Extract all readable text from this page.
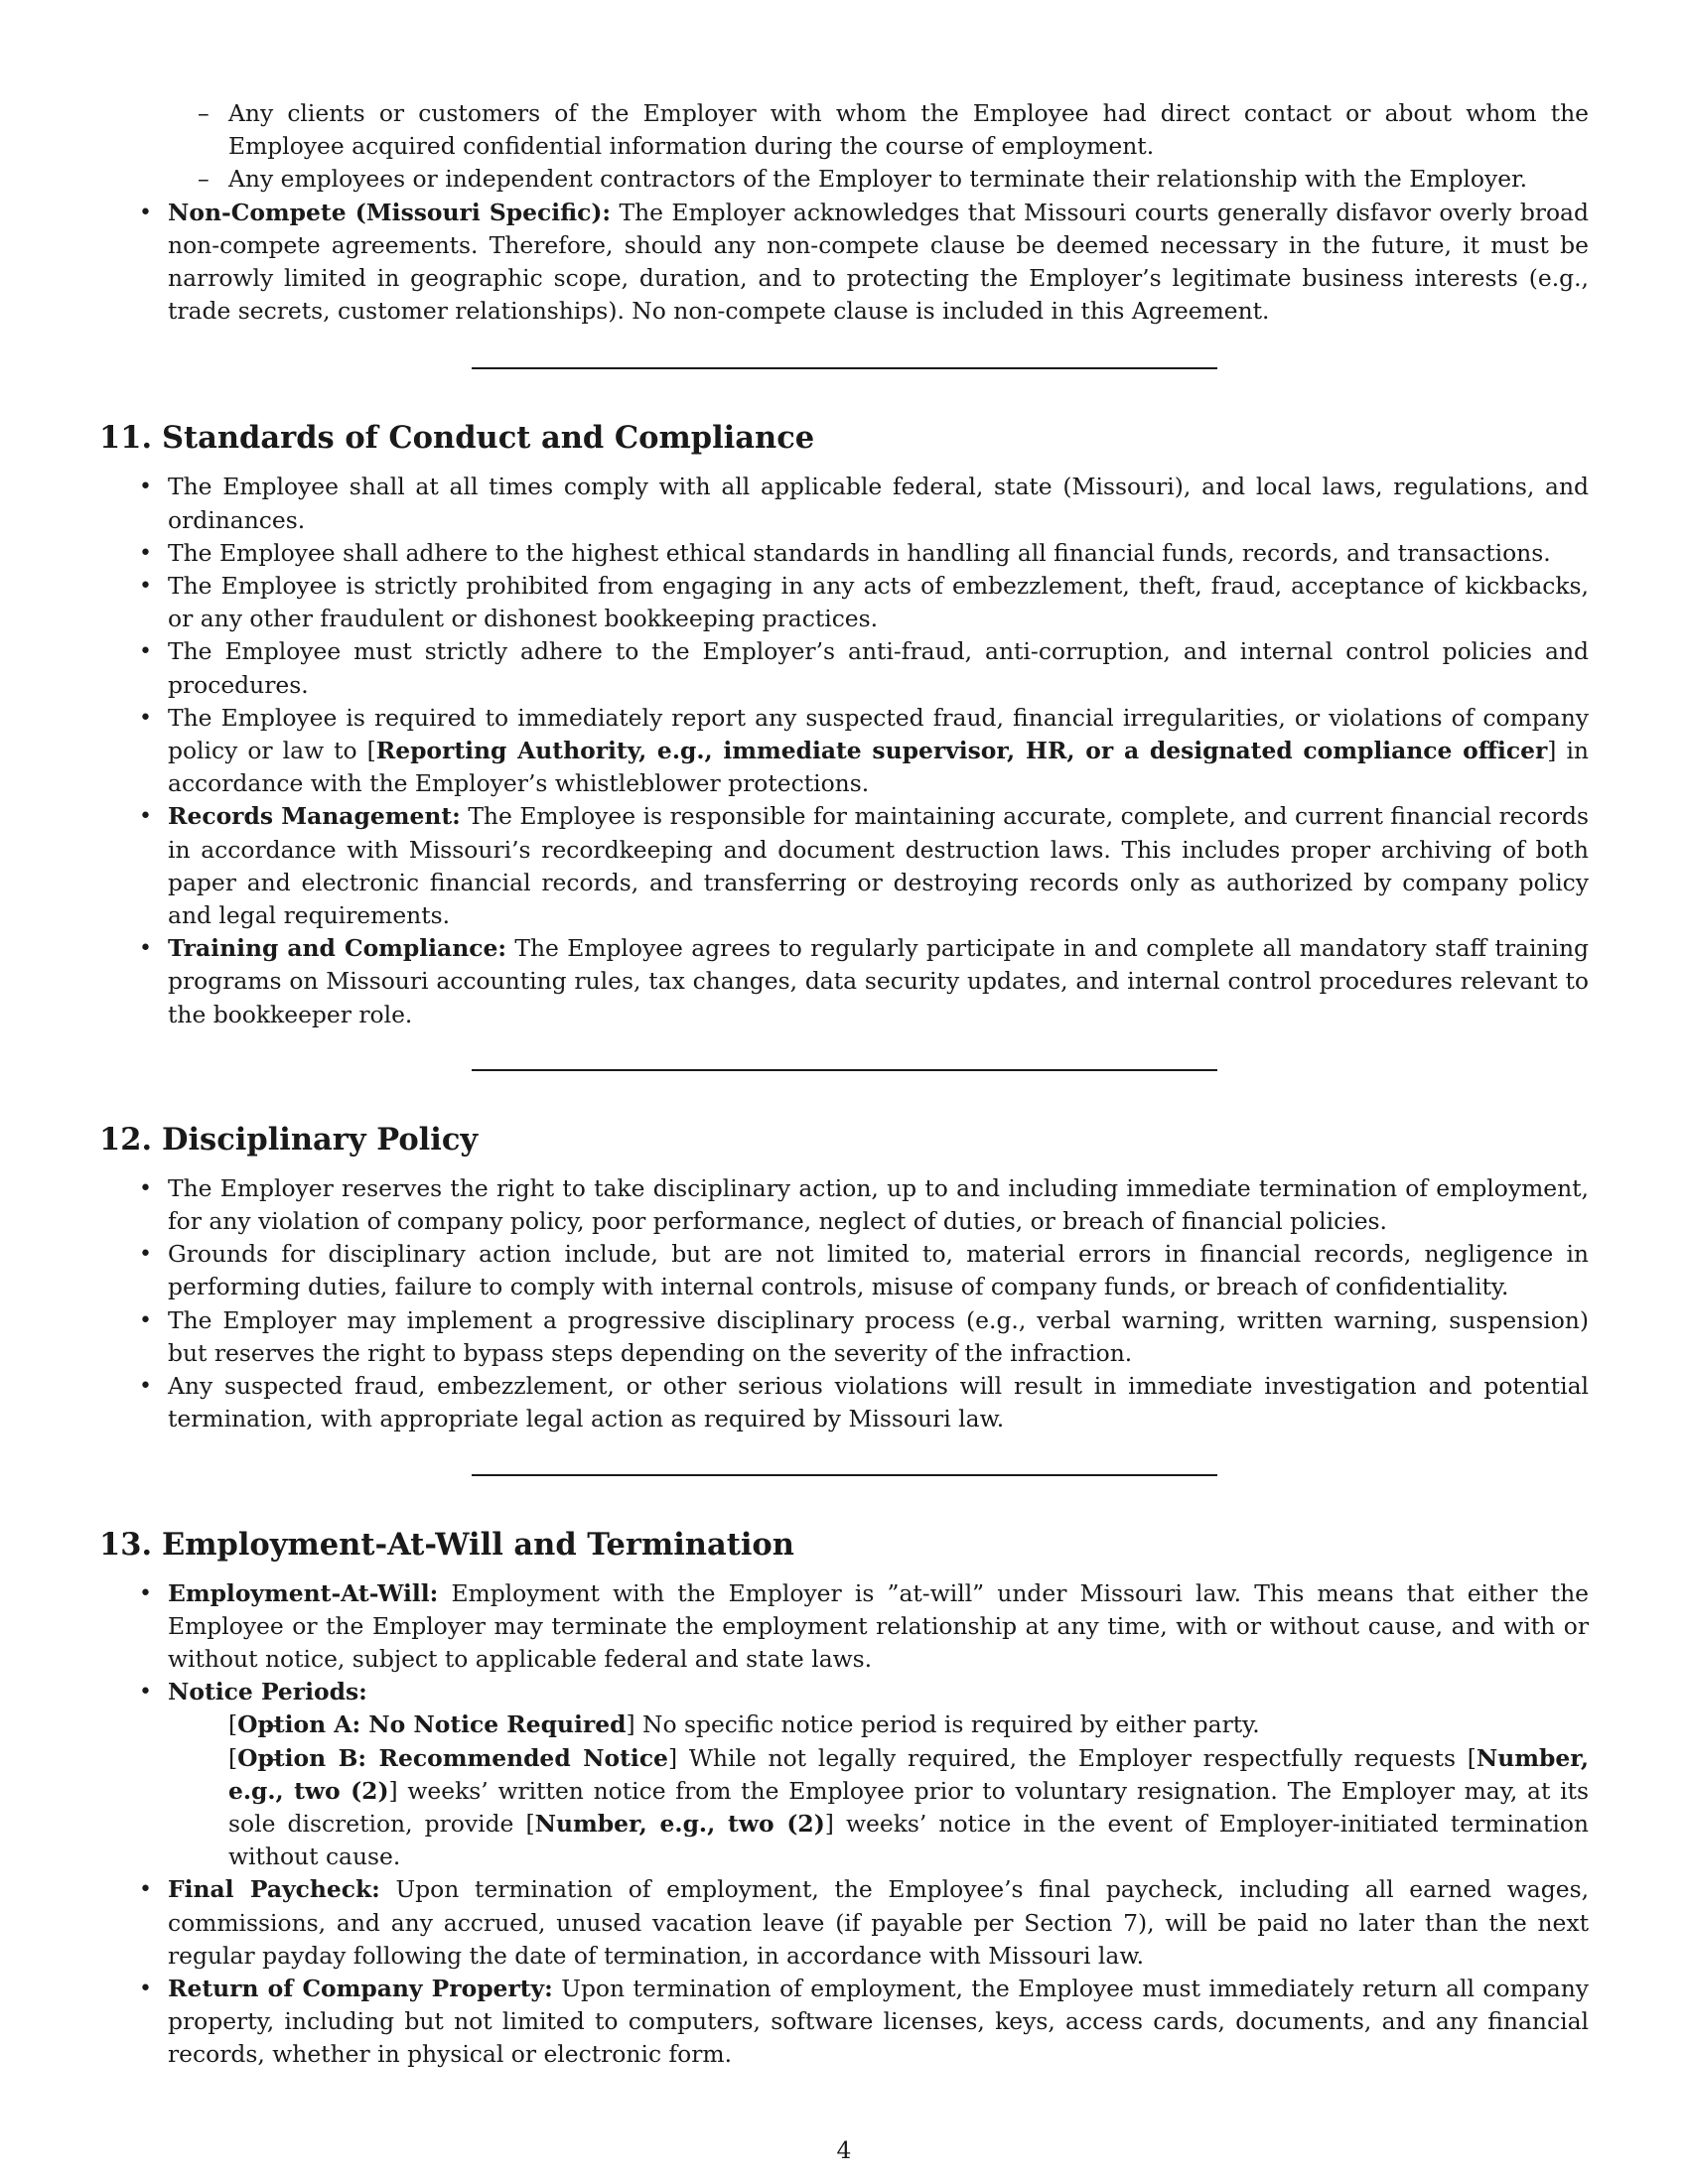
– Any clients or customers of the Employer with whom the Employee had direct contact or about whom the Employee acquired confidential information during the course of employment.
– Any employees or independent contractors of the Employer to terminate their relationship with the Employer.
• Non-Compete (Missouri Specific): The Employer acknowledges that Missouri courts generally disfavor overly broad non-compete agreements. Therefore, should any non-compete clause be deemed necessary in the future, it must be narrowly limited in geographic scope, duration, and to protecting the Employer’s legitimate business interests (e.g., trade secrets, customer relationships). No non-compete clause is included in this Agreement.
11. Standards of Conduct and Compliance
• The Employee shall at all times comply with all applicable federal, state (Missouri), and local laws, regulations, and ordinances.
• The Employee shall adhere to the highest ethical standards in handling all financial funds, records, and transactions.
• The Employee is strictly prohibited from engaging in any acts of embezzlement, theft, fraud, acceptance of kickbacks, or any other fraudulent or dishonest bookkeeping practices.
• The Employee must strictly adhere to the Employer’s anti-fraud, anti-corruption, and internal control policies and procedures.
• The Employee is required to immediately report any suspected fraud, financial irregularities, or violations of company policy or law to [Reporting Authority, e.g., immediate supervisor, HR, or a designated compliance officer] in accordance with the Employer’s whistleblower protections.
• Records Management: The Employee is responsible for maintaining accurate, complete, and current financial records in accordance with Missouri’s recordkeeping and document destruction laws. This includes proper archiving of both paper and electronic financial records, and transferring or destroying records only as authorized by company policy and legal requirements.
• Training and Compliance: The Employee agrees to regularly participate in and complete all mandatory staff training programs on Missouri accounting rules, tax changes, data security updates, and internal control procedures relevant to the bookkeeper role.
12. Disciplinary Policy
• The Employer reserves the right to take disciplinary action, up to and including immediate termination of employment, for any violation of company policy, poor performance, neglect of duties, or breach of financial policies.
• Grounds for disciplinary action include, but are not limited to, material errors in financial records, negligence in performing duties, failure to comply with internal controls, misuse of company funds, or breach of confidentiality.
• The Employer may implement a progressive disciplinary process (e.g., verbal warning, written warning, suspension) but reserves the right to bypass steps depending on the severity of the infraction.
• Any suspected fraud, embezzlement, or other serious violations will result in immediate investigation and potential termination, with appropriate legal action as required by Missouri law.
13. Employment-At-Will and Termination
• Employment-At-Will: Employment with the Employer is ”at-will” under Missouri law. This means that either the Employee or the Employer may terminate the employment relationship at any time, with or without cause, and with or without notice, subject to applicable federal and state laws.
• Notice Periods:
– [Option A: No Notice Required] No specific notice period is required by either party.
– [Option B: Recommended Notice] While not legally required, the Employer respectfully requests [Number, e.g., two (2)] weeks’ written notice from the Employee prior to voluntary resignation. The Employer may, at its sole discretion, provide [Number, e.g., two (2)] weeks’ notice in the event of Employer-initiated termination without cause.
• Final Paycheck: Upon termination of employment, the Employee’s final paycheck, including all earned wages, commissions, and any accrued, unused vacation leave (if payable per Section 7), will be paid no later than the next regular payday following the date of termination, in accordance with Missouri law.
• Return of Company Property: Upon termination of employment, the Employee must immediately return all company property, including but not limited to computers, software licenses, keys, access cards, documents, and any financial records, whether in physical or electronic form.
4
